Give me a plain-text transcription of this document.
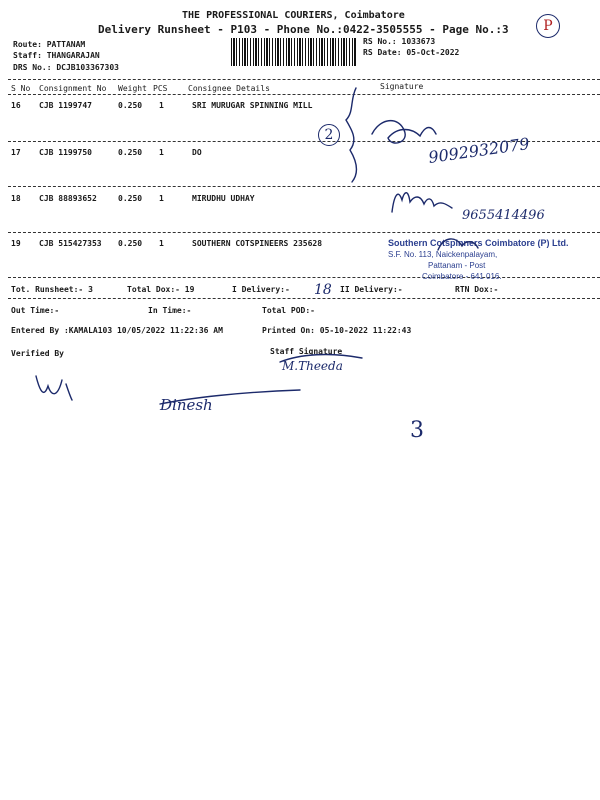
THE PROFESSIONAL COURIERS, Coimbatore
Delivery Runsheet - P103 - Phone No.:0422-3505555 - Page No.:3
Route: PATTANAM
Staff: THANGARAJAN
DRS No.: DCJB103367303
RS No.: 1033673
RS Date: 05-Oct-2022
P
S No Consignment No Weight PCS	Consignee Details	Signature
16 CJB 1199747	0.250 1	SRI MURUGAR SPINNING MILL
17 CJB 1199750	0.250 1	DO
18 CJB 88893652	0.250 1	MIRUDHU UDHAY
19 CJB 515427353 0.250 1	SOUTHERN COTSPINEERS 235628
Tot. Runsheet:- 3	Total Dox:- 19	I Delivery:-	II Delivery:-	RTN Dox:-
Out Time:-	In Time:-	Total POD:-
Entered By :KAMALA103 10/05/2022 11:22:36 AM	Printed On: 05-10-2022 11:22:43
Verified By	Staff Signature
Southern Cotspinners Coimbatore (P) Ltd.
S.F. No. 113, Naickenpalayam,
Pattanam - Post
Coimbatore - 641 016.
2	9092932079
9655414496
18
M.Theeda
Dinesh
3
